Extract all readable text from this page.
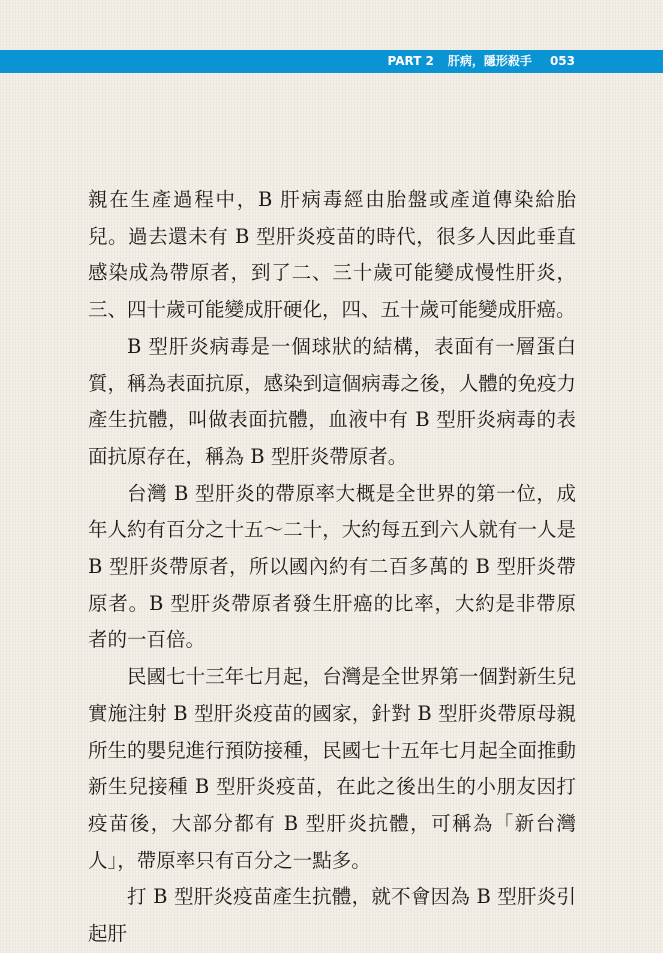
PART 2 肝病，隱形殺手 053

親在生產過程中，B 肝病毒經由胎盤或產道傳染給胎兒。過去還未有 B 型肝炎疫苗的時代，很多人因此垂直感染成為帶原者，到了二、三十歲可能變成慢性肝炎，三、四十歲可能變成肝硬化，四、五十歲可能變成肝癌。

B 型肝炎病毒是一個球狀的結構，表面有一層蛋白質，稱為表面抗原，感染到這個病毒之後，人體的免疫力產生抗體，叫做表面抗體，血液中有 B 型肝炎病毒的表面抗原存在，稱為 B 型肝炎帶原者。

台灣 B 型肝炎的帶原率大概是全世界的第一位，成年人約有百分之十五～二十，大約每五到六人就有一人是 B 型肝炎帶原者，所以國內約有二百多萬的 B 型肝炎帶原者。B 型肝炎帶原者發生肝癌的比率，大約是非帶原者的一百倍。

民國七十三年七月起，台灣是全世界第一個對新生兒實施注射 B 型肝炎疫苗的國家，針對 B 型肝炎帶原母親所生的嬰兒進行預防接種，民國七十五年七月起全面推動新生兒接種 B 型肝炎疫苗，在此之後出生的小朋友因打疫苗後，大部分都有 B 型肝炎抗體，可稱為「新台灣人」，帶原率只有百分之一點多。

打 B 型肝炎疫苗產生抗體，就不會因為 B 型肝炎引起肝
